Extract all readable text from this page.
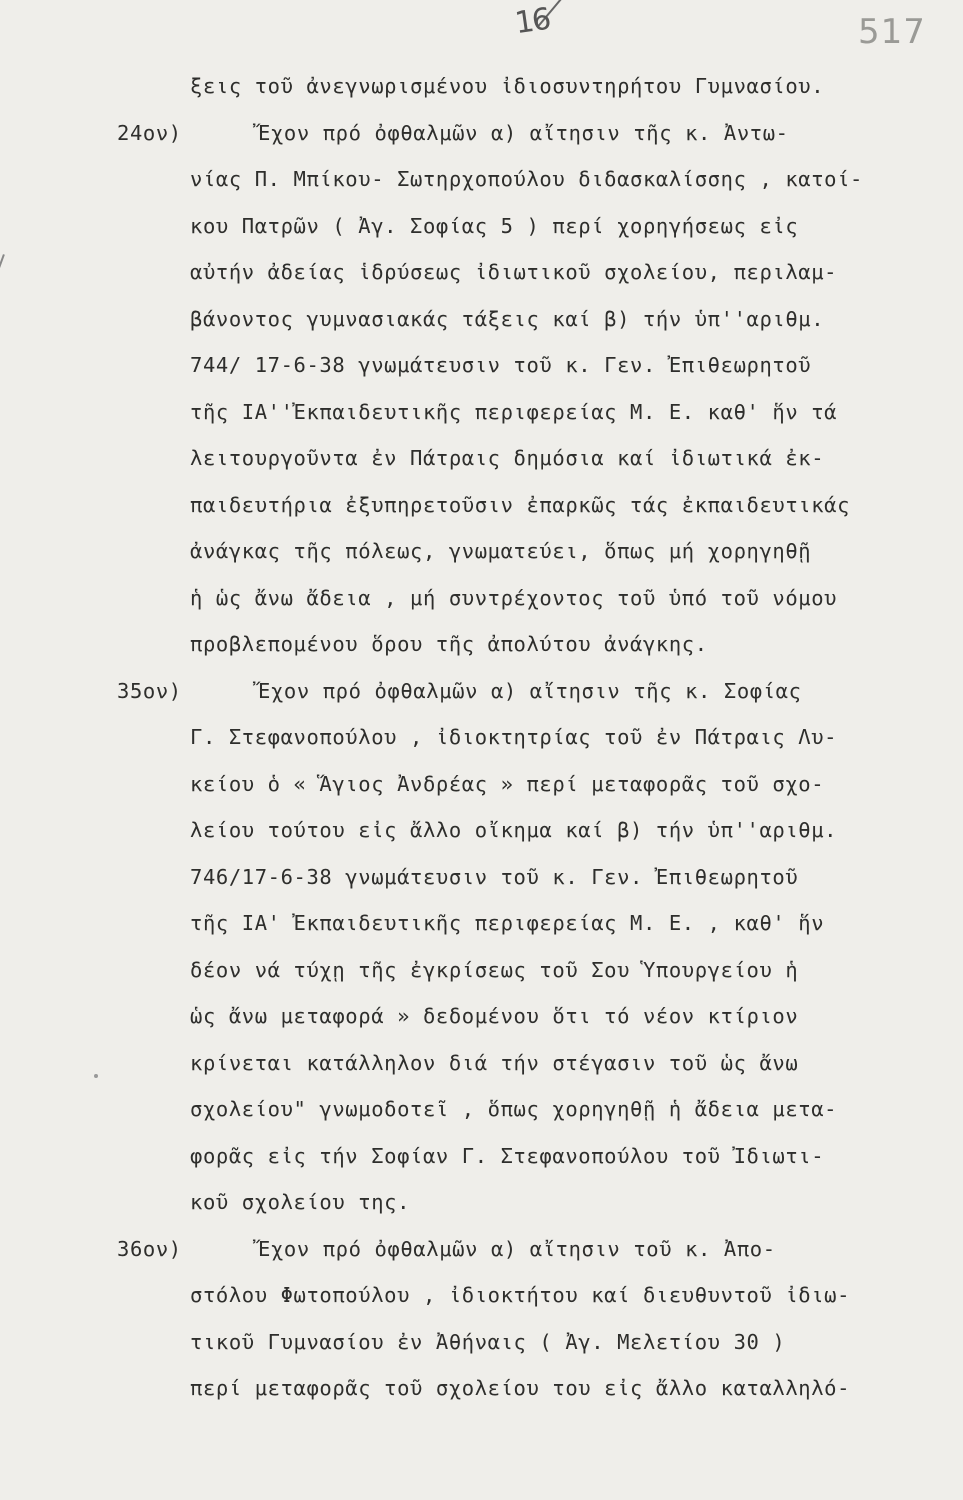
16	517
ξεις τοῦ ἀνεγνωρισμένου ἰδιοσυντηρήτου Γυμνασίου.
24ον)	Ἔχον πρό ὀφθαλμῶν α) αἴτησιν τῆς κ. Ἀντω-
νίας Π. Μπίκου- Σωτηρχοπούλου διδασκαλίσσης , κατοί-
κου Πατρῶν ( Ἀγ. Σοφίας 5 ) περί χορηγήσεως εἰς
αὐτήν ἀδείας ἱδρύσεως ἰδιωτικοῦ σχολείου, περιλαμ-
βάνοντος γυμνασιακάς τάξεις καί β) τήν ὑπ''αριθμ.
744/ 17-6-38 γνωμάτευσιν τοῦ κ. Γεν. Ἐπιθεωρητοῦ
τῆς ΙΑ''Ἐκπαιδευτικῆς περιφερείας Μ. Ε. καθ' ἥν τά
λειτουργοῦντα ἐν Πάτραις δημόσια καί ἰδιωτικά ἐκ-
παιδευτήρια ἐξυπηρετοῦσιν ἐπαρκῶς τάς ἐκπαιδευτικάς
ἀνάγκας τῆς πόλεως, γνωματεύει, ὅπως μή χορηγηθῇ
ἡ ὡς ἄνω ἄδεια , μή συντρέχοντος τοῦ ὑπό τοῦ νόμου
προβλεπομένου ὅρου τῆς ἀπολύτου ἀνάγκης.
35ον)	Ἔχον πρό ὀφθαλμῶν α) αἴτησιν τῆς κ. Σοφίας
Γ. Στεφανοπούλου , ἰδιοκτητρίας τοῦ ἐν Πάτραις Λυ-
κείου ὁ « Ἅγιος Ἀνδρέας » περί μεταφορᾶς τοῦ σχο-
λείου τούτου εἰς ἄλλο οἴκημα καί β) τήν ὑπ''αριθμ.
746/17-6-38 γνωμάτευσιν τοῦ κ. Γεν. Ἐπιθεωρητοῦ
τῆς ΙΑ' Ἐκπαιδευτικῆς περιφερείας Μ. Ε. , καθ' ἥν
δέον νά τύχῃ τῆς ἐγκρίσεως τοῦ Σου Ὑπουργείου ἡ
ὡς ἄνω μεταφορά » δεδομένου ὅτι τό νέον κτίριον
κρίνεται κατάλληλον διά τήν στέγασιν τοῦ ὡς ἄνω
σχολείου" γνωμοδοτεῖ , ὅπως χορηγηθῇ ἡ ἄδεια μετα-
φορᾶς εἰς τήν Σοφίαν Γ. Στεφανοπούλου τοῦ Ἰδιωτι-
κοῦ σχολείου της.
36ον)	Ἔχον πρό ὀφθαλμῶν α) αἴτησιν τοῦ κ. Ἀπο-
στόλου Φωτοπούλου , ἰδιοκτήτου καί διευθυντοῦ ἰδιω-
τικοῦ Γυμνασίου ἐν Ἀθήναις ( Ἀγ. Μελετίου 30 )
περί μεταφορᾶς τοῦ σχολείου του εἰς ἄλλο καταλληλό-
